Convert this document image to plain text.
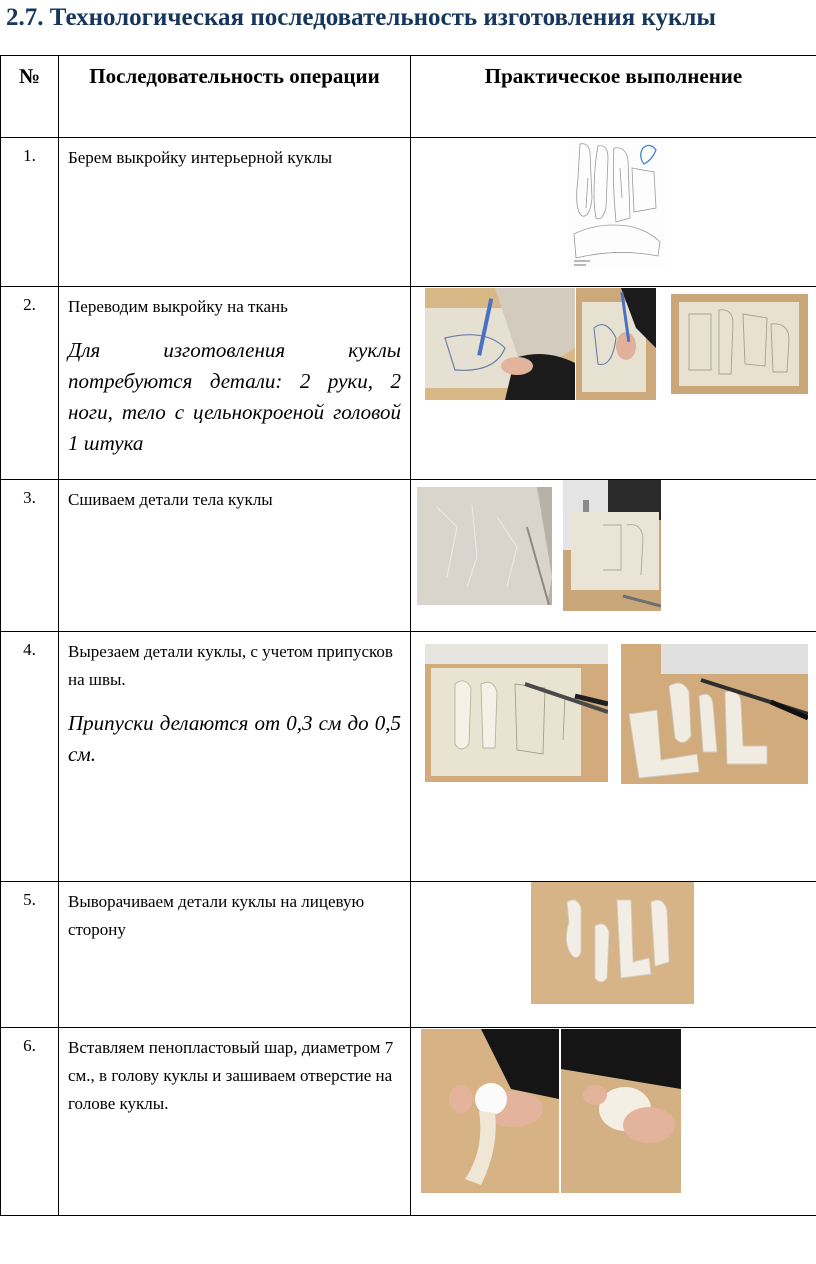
2.7. Технологическая последовательность изготовления куклы
№	Последовательность операции	Практическое выполнение
1.	Берем выкройку интерьерной куклы

2.	Переводим выкройку на ткань
Для изготовления куклы потребуются детали: 2 руки, 2 ноги, тело с цельнокроеной головой 1 штука

3.	Сшиваем детали тела куклы

4.	Вырезаем детали куклы, с учетом припусков на швы.
Припуски делаются от 0,3 см до 0,5 см.

5.	Выворачиваем детали куклы на лицевую сторону

6.	Вставляем пенопластовый шар, диаметром 7 см., в голову куклы и зашиваем отверстие на голове куклы.
